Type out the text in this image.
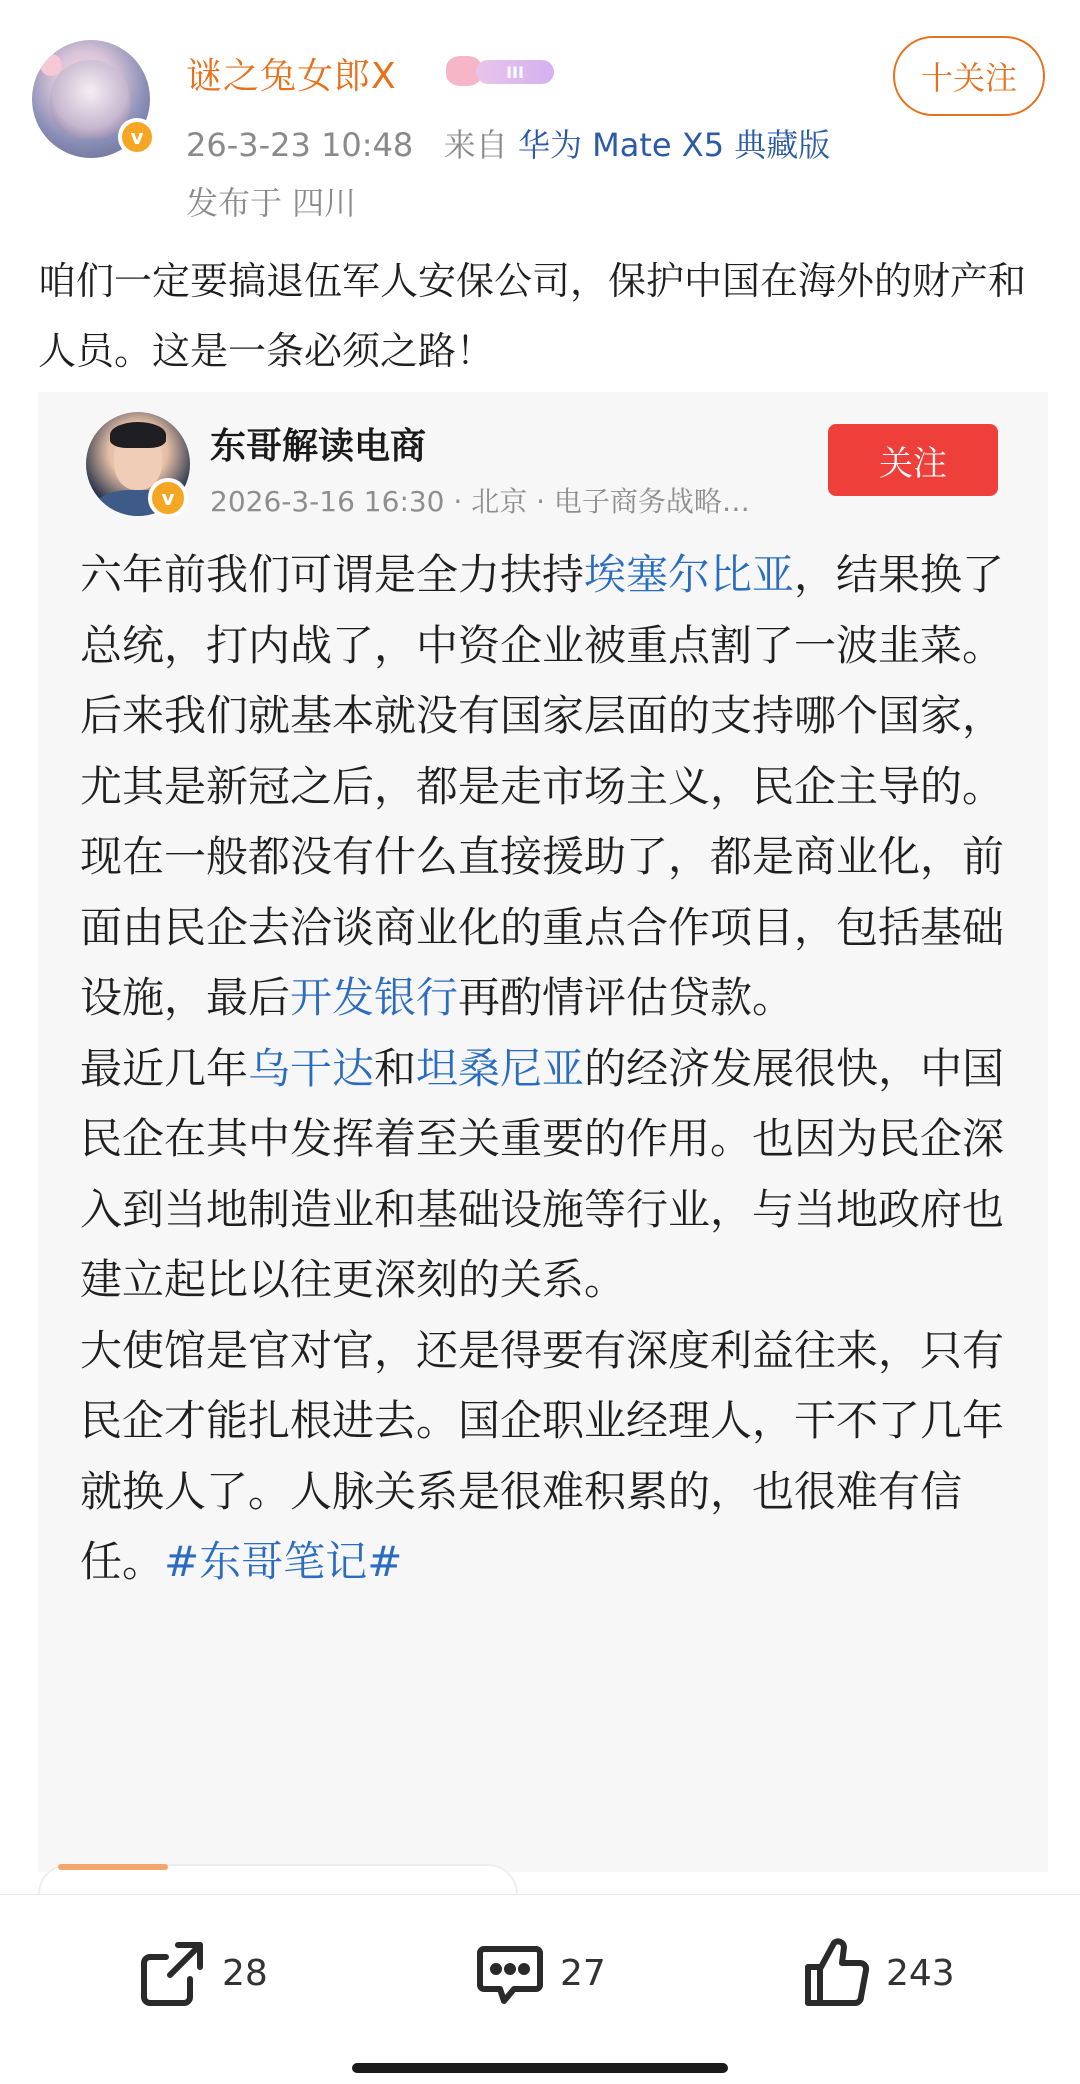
v
谜之兔女郎X	III
26-3-23 10:48 来自 华为 Mate X5 典藏版
发布于 四川
十关注
咱们一定要搞退伍军人安保公司，保护中国在海外的财产和人员。这是一条必须之路！
v
东哥解读电商
2026-3-16 16:30 · 北京 · 电子商务战略…
关注

六年前我们可谓是全力扶持埃塞尔比亚，结果换了总统，打内战了，中资企业被重点割了一波韭菜。后来我们就基本就没有国家层面的支持哪个国家，尤其是新冠之后，都是走市场主义，民企主导的。

现在一般都没有什么直接援助了，都是商业化，前面由民企去洽谈商业化的重点合作项目，包括基础设施，最后开发银行再酌情评估贷款。

最近几年乌干达和坦桑尼亚的经济发展很快，中国民企在其中发挥着至关重要的作用。也因为民企深入到当地制造业和基础设施等行业，与当地政府也建立起比以往更深刻的关系。

大使馆是官对官，还是得要有深度利益往来，只有民企才能扎根进去。国企职业经理人，干不了几年就换人了。人脉关系是很难积累的，也很难有信任。#东哥笔记#

28	27	243
